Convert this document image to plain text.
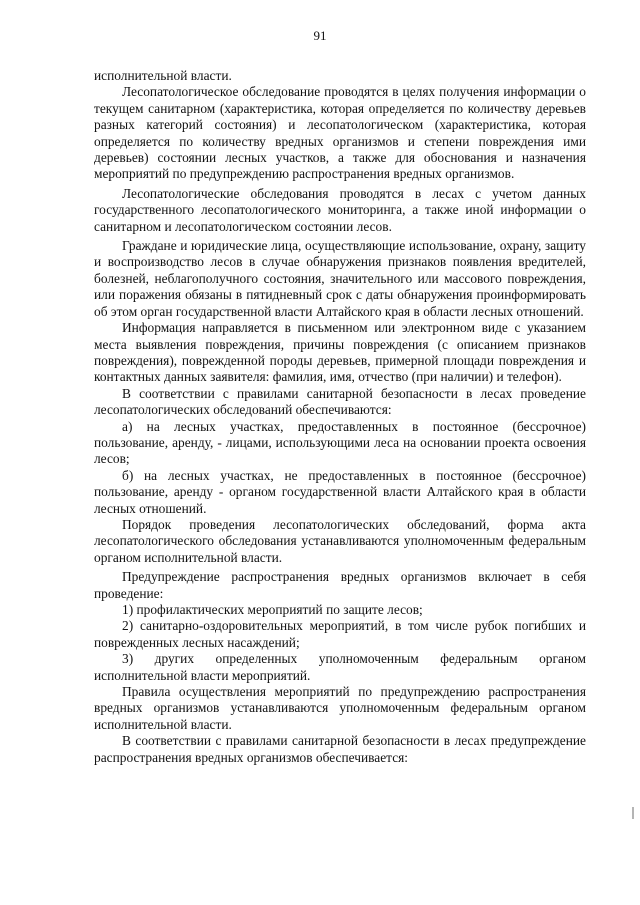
91

исполнительной власти.

Лесопатологическое обследование проводятся в целях получения информации о текущем санитарном (характеристика, которая определяется по количеству деревьев разных категорий состояния) и лесопатологическом (характеристика, которая определяется по количеству вредных организмов и степени повреждения ими деревьев) состоянии лесных участков, а также для обоснования и назначения мероприятий по предупреждению распространения вредных организмов.

Лесопатологические обследования проводятся в лесах с учетом данных государственного лесопатологического мониторинга, а также иной информации о санитарном и лесопатологическом состоянии лесов.

Граждане и юридические лица, осуществляющие использование, охрану, защиту и воспроизводство лесов в случае обнаружения признаков появления вредителей, болезней, неблагополучного состояния, значительного или массового повреждения, или поражения обязаны в пятидневный срок с даты обнаружения проинформировать об этом орган государственной власти Алтайского края в области лесных отношений.

Информация направляется в письменном или электронном виде с указанием места выявления повреждения, причины повреждения (с описанием признаков повреждения), поврежденной породы деревьев, примерной площади повреждения и контактных данных заявителя: фамилия, имя, отчество (при наличии) и телефон).

В соответствии с правилами санитарной безопасности в лесах проведение лесопатологических обследований обеспечиваются:

а) на лесных участках, предоставленных в постоянное (бессрочное) пользование, аренду, - лицами, использующими леса на основании проекта освоения лесов;

б) на лесных участках, не предоставленных в постоянное (бессрочное) пользование, аренду - органом государственной власти Алтайского края в области лесных отношений.

Порядок проведения лесопатологических обследований, форма акта лесопатологического обследования устанавливаются уполномоченным федеральным органом исполнительной власти.

Предупреждение распространения вредных организмов включает в себя проведение:

1) профилактических мероприятий по защите лесов;

2) санитарно-оздоровительных мероприятий, в том числе рубок погибших и поврежденных лесных насаждений;

3) других определенных уполномоченным федеральным органом исполнительной власти мероприятий.

Правила осуществления мероприятий по предупреждению распространения вредных организмов устанавливаются уполномоченным федеральным органом исполнительной власти.

В соответствии с правилами санитарной безопасности в лесах предупреждение распространения вредных организмов обеспечивается:
